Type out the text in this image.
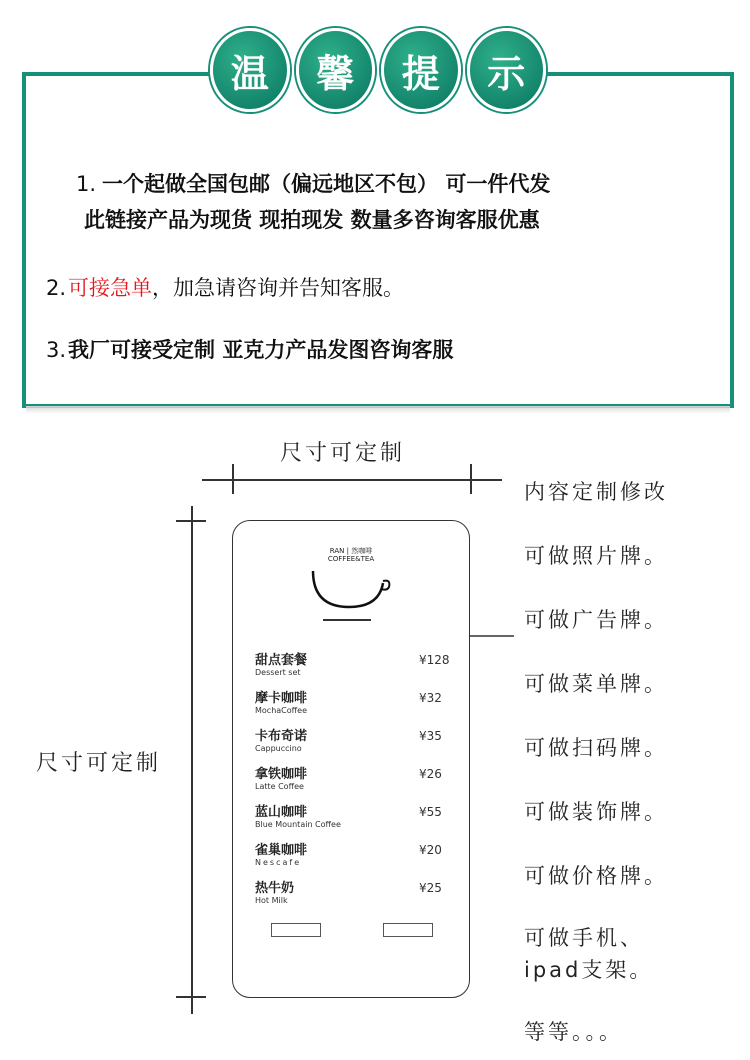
1. 一个起做全国包邮（偏远地区不包） 可一件代发
此链接产品为现货 现拍现发 数量多咨询客服优惠
2.可接急单，加急请咨询并告知客服。
3.我厂可接受定制 亚克力产品发图咨询客服
温	馨	提	示
尺寸可定制
尺寸可定制
内容定制修改
可做照片牌。
可做广告牌。
可做菜单牌。
可做扫码牌。
可做装饰牌。
可做价格牌。
可做手机、
ipad支架。
等等。。。
RAN | 然咖啡
COFFEE&TEA
甜点套餐
Dessert set
¥128
摩卡咖啡
MochaCoffee
¥32
卡布奇诺
Cappuccino
¥35
拿铁咖啡
Latte Coffee
¥26
蓝山咖啡
Blue Mountain Coffee
¥55
雀巢咖啡
Nescafe
¥20
热牛奶
Hot Milk
¥25
